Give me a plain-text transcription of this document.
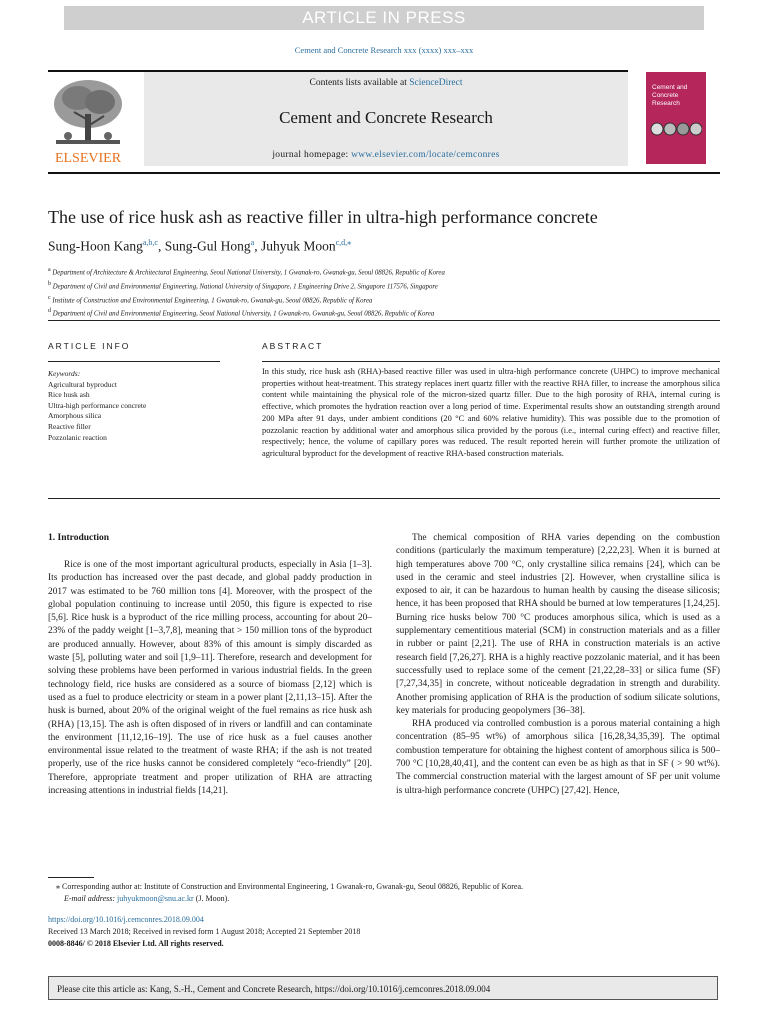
ARTICLE IN PRESS
Cement and Concrete Research xxx (xxxx) xxx–xxx
ELSEVIER
Contents lists available at ScienceDirect
Cement and Concrete Research
journal homepage: www.elsevier.com/locate/cemconres
Cement and Concrete Research
The use of rice husk ash as reactive filler in ultra-high performance concrete
Sung-Hoon Kang$^{a,b,c}$, Sung-Gul Hong$^a$, Juhyuk Moon$^{c,d,⁎}$
$^a$ Department of Architecture & Architectural Engineering, Seoul National University, 1 Gwanak-ro, Gwanak-gu, Seoul 08826, Republic of Korea
$^b$ Department of Civil and Environmental Engineering, National University of Singapore, 1 Engineering Drive 2, Singapore 117576, Singapore
$^c$ Institute of Construction and Environmental Engineering, 1 Gwanak-ro, Gwanak-gu, Seoul 08826, Republic of Korea
$^d$ Department of Civil and Environmental Engineering, Seoul National University, 1 Gwanak-ro, Gwanak-gu, Seoul 08826, Republic of Korea
ARTICLE INFO
Keywords:
Agricultural byproduct
Rice husk ash
Ultra-high performance concrete
Amorphous silica
Reactive filler
Pozzolanic reaction
ABSTRACT
In this study, rice husk ash (RHA)-based reactive filler was used in ultra-high performance concrete (UHPC) to improve mechanical properties without heat-treatment. This strategy replaces inert quartz filler with the reactive RHA filler, to increase the amorphous silica content while maintaining the physical role of the micron-sized quartz filler. Due to the high porosity of RHA, internal curing is effective, which promotes the hydration reaction over a long period of time. Experimental results show an outstanding strength around 200 MPa after 91 days, under ambient conditions (20 °C and 60% relative humidity). This was possible due to the promotion of pozzolanic reaction by additional water and amorphous silica provided by the porous (i.e., internal curing effect) and reactive filler, respectively; hence, the volume of capillary pores was reduced. The result reported herein will further promote the utilization of agricultural byproduct for the development of reactive RHA-based construction materials.
1. Introduction

Rice is one of the most important agricultural products, especially in Asia [1–3]. Its production has increased over the past decade, and global paddy production in 2017 was estimated to be 760 million tons [4]. Moreover, with the prospect of the global population continuing to increase until 2050, this figure is expected to rise [5,6]. Rice husk is a byproduct of the rice milling process, accounting for about 20–23% of the paddy weight [1–3,7,8], meaning that > 150 million tons of the byproduct are produced annually. However, about 83% of this amount is simply discarded as waste [5], polluting water and soil [1,9–11]. Therefore, research and development for solving these problems have been performed in various industrial fields. In the green technology field, rice husks are considered as a source of biomass [2,12] which is used as a fuel to produce electricity or steam in a power plant [2,11,13–15]. After the husk is burned, about 20% of the original weight of the fuel remains as rice husk ash (RHA) [13,15]. The ash is often disposed of in rivers or landfill and can contaminate the environment [11,12,16–19]. The use of rice husk as a fuel causes another environmental issue related to the treatment of waste RHA; if the ash is not treated properly, use of the rice husks cannot be considered completely “eco-friendly” [20]. Therefore, appropriate treatment and proper utilization of RHA are attracting increasing attentions in industrial fields [14,21].

The chemical composition of RHA varies depending on the combustion conditions (particularly the maximum temperature) [2,22,23]. When it is burned at high temperatures above 700 °C, only crystalline silica remains [24], which can be used in the ceramic and steel industries [2]. However, when crystalline silica is exposed to air, it can be hazardous to human health by causing the disease silicosis; hence, it has been proposed that RHA should be burned at low temperatures [1,24,25]. Burning rice husks below 700 °C produces amorphous silica, which is used as a supplementary cementitious material (SCM) in construction materials and as a filler in rubber or paint [2,21]. The use of RHA in construction materials is an active research field [7,26,27]. RHA is a highly reactive pozzolanic material, and it has been successfully used to replace some of the cement [21,22,28–33] or silica fume (SF) [7,27,34,35] in concrete, without noticeable degradation in strength and durability. Another promising application of RHA is the production of sodium silicate solutions, key materials for producing geopolymers [36–38].

RHA produced via controlled combustion is a porous material containing a high concentration (85–95 wt%) of amorphous silica [16,28,34,35,39]. The optimal combustion temperature for obtaining the highest content of amorphous silica is 500–700 °C [10,28,40,41], and the content can even be as high as that in SF ( > 90 wt%). The commercial construction material with the largest amount of SF per unit volume is ultra-high performance concrete (UHPC) [27,42]. Hence,

⁎ Corresponding author at: Institute of Construction and Environmental Engineering, 1 Gwanak-ro, Gwanak-gu, Seoul 08826, Republic of Korea.
E-mail address: juhyukmoon@snu.ac.kr (J. Moon).
https://doi.org/10.1016/j.cemconres.2018.09.004
Received 13 March 2018; Received in revised form 1 August 2018; Accepted 21 September 2018
0008-8846/ © 2018 Elsevier Ltd. All rights reserved.
Please cite this article as: Kang, S.-H., Cement and Concrete Research, https://doi.org/10.1016/j.cemconres.2018.09.004
